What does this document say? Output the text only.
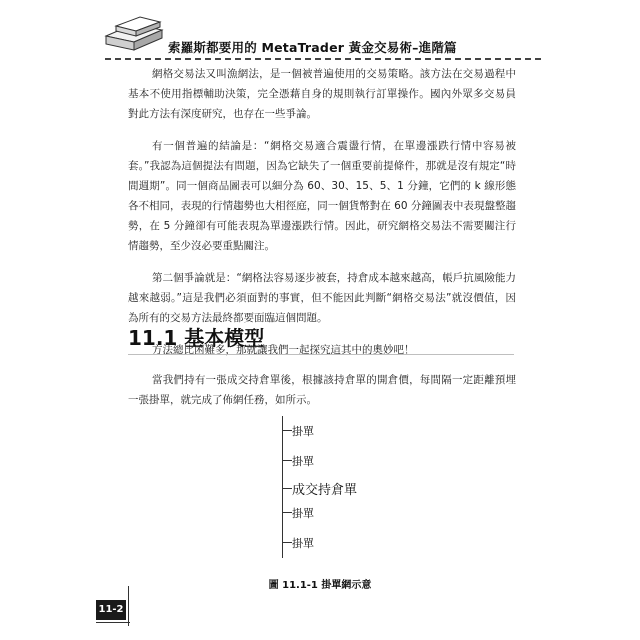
索羅斯都要用的 MetaTrader 黃金交易術–進階篇

網格交易法又叫漁網法，是一個被普遍使用的交易策略。該方法在交易過程中基本不使用指標輔助決策，完全憑藉自身的規則執行訂單操作。國內外眾多交易員對此方法有深度研究，也存在一些爭論。

有一個普遍的結論是：“網格交易適合震盪行情，在單邊漲跌行情中容易被套。”我認為這個提法有問題，因為它缺失了一個重要前提條件，那就是沒有規定“時間週期”。同一個商品圖表可以細分為 60、30、15、5、1 分鐘，它們的 k 線形態各不相同，表現的行情趨勢也大相徑庭，同一個貨幣對在 60 分鐘圖表中表現盤整趨勢，在 5 分鐘卻有可能表現為單邊漲跌行情。因此，研究網格交易法不需要關注行情趨勢，至少沒必要重點關注。

第二個爭論就是：“網格法容易逐步被套，持倉成本越來越高，帳戶抗風險能力越來越弱。”這是我們必須面對的事實，但不能因此判斷“網格交易法”就沒價值，因為所有的交易方法最終都要面臨這個問題。

方法總比困難多，那就讓我們一起探究這其中的奧妙吧！

11.1 基本模型

當我們持有一張成交持倉單後，根據該持倉單的開倉價，每間隔一定距離預埋一張掛單，就完成了佈網任務，如所示。

掛單
掛單
成交持倉單
掛單
掛單
圖 11.1-1 掛單網示意
11-2
